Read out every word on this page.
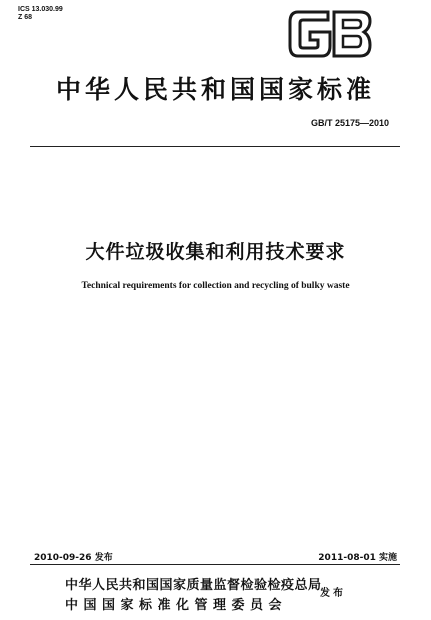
ICS 13.030.99
Z 68
中华人民共和国国家标准
GB/T 25175—2010
大件垃圾收集和利用技术要求
Technical requirements for collection and recycling of bulky waste
2010-09-26 发布	2011-08-01 实施
中华人民共和国国家质量监督检验检疫总局
中国国家标准化管理委员会
发布
